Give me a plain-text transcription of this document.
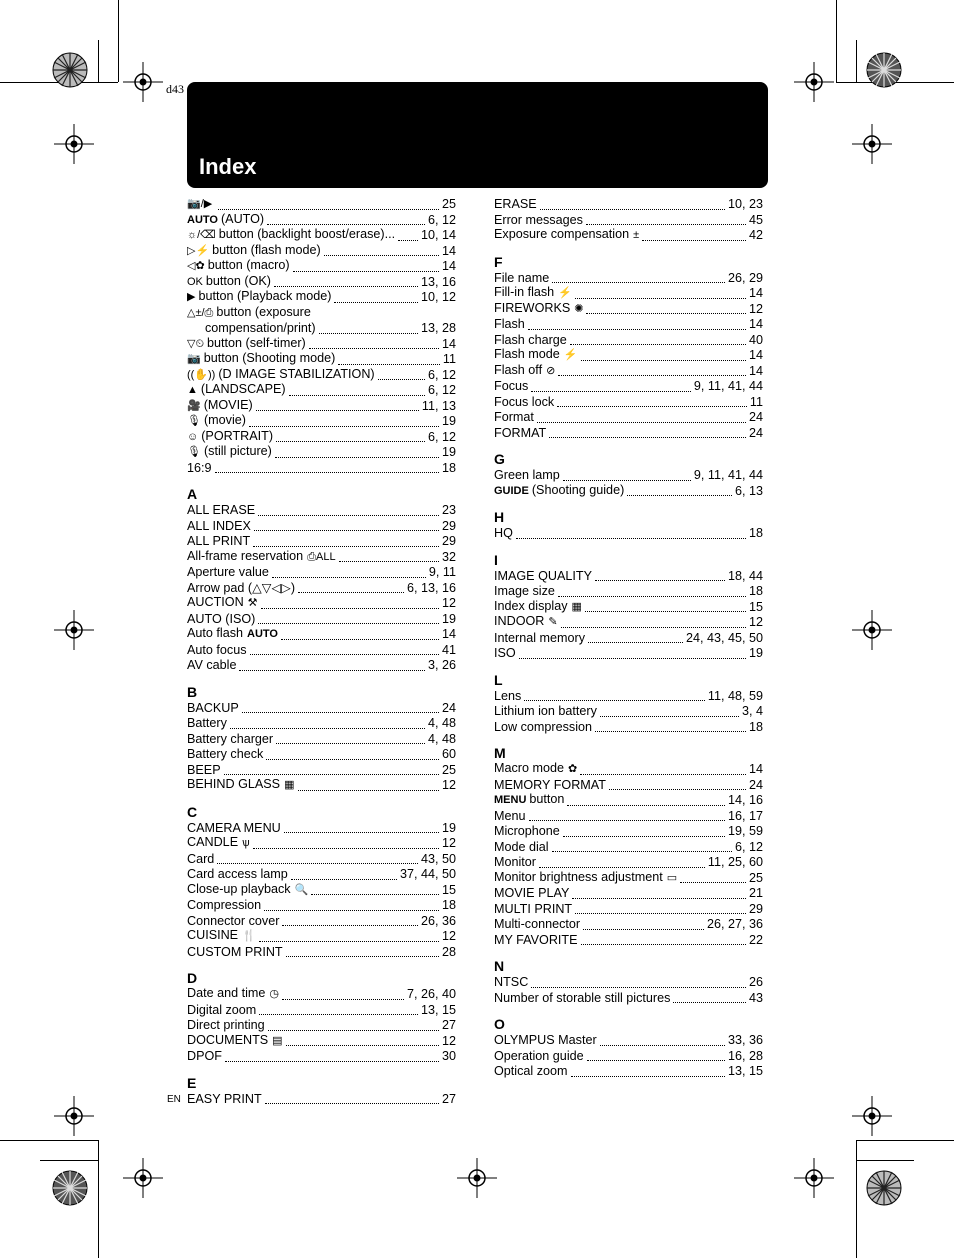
d43
Index
📷/▶	25
AUTO (AUTO)	6, 12
☼/⌫ button (backlight boost/erase)... 10, 14
▷⚡ button (flash mode)	14
◁✿ button (macro)	14
OK button (OK)	13, 16
▶ button (Playback mode)	10, 12
△±/⎙ button (exposure
compensation/print)	13, 28
▽⏲ button (self-timer)	14
📷 button (Shooting mode)	11
((✋)) (D IMAGE STABILIZATION)	6, 12
▲ (LANDSCAPE)	6, 12
🎥 (MOVIE)	11, 13
🎙 (movie)	19
☺ (PORTRAIT)	6, 12
🎙 (still picture)	19
16:9	18
A
ALL ERASE	23
ALL INDEX	29
ALL PRINT	29
All-frame reservation ⎙ALL	32
Aperture value	9, 11
Arrow pad (△▽◁▷)	6, 13, 16
AUCTION ⚒	12
AUTO (ISO)	19
Auto flash AUTO	14
Auto focus	41
AV cable	3, 26
B
BACKUP	24
Battery	4, 48
Battery charger	4, 48
Battery check	60
BEEP	25
BEHIND GLASS ▦	12
C
CAMERA MENU	19
CANDLE ѱ	12
Card	43, 50
Card access lamp	37, 44, 50
Close-up playback 🔍	15
Compression	18
Connector cover	26, 36
CUISINE 🍴	12
CUSTOM PRINT	28
D
Date and time ◷	7, 26, 40
Digital zoom	13, 15
Direct printing	27
DOCUMENTS ▤	12
DPOF	30
E
EASY PRINT	27
ERASE	10, 23
Error messages	45
Exposure compensation ±	42
F
File name	26, 29
Fill-in flash ⚡	14
FIREWORKS ✺	12
Flash	14
Flash charge	40
Flash mode ⚡	14
Flash off ⊘	14
Focus	9, 11, 41, 44
Focus lock	11
Format	24
FORMAT	24
G
Green lamp	9, 11, 41, 44
GUIDE (Shooting guide)	6, 13
H
HQ	18
I
IMAGE QUALITY	18, 44
Image size	18
Index display ▦	15
INDOOR ✎	12
Internal memory	24, 43, 45, 50
ISO	19
L
Lens	11, 48, 59
Lithium ion battery	3, 4
Low compression	18
M
Macro mode ✿	14
MEMORY FORMAT	24
MENU button	14, 16
Menu	16, 17
Microphone	19, 59
Mode dial	6, 12
Monitor	11, 25, 60
Monitor brightness adjustment ▭	25
MOVIE PLAY	21
MULTI PRINT	29
Multi-connector	26, 27, 36
MY FAVORITE	22
N
NTSC	26
Number of storable still pictures	43
O
OLYMPUS Master	33, 36
Operation guide	16, 28
Optical zoom	13, 15
EN
